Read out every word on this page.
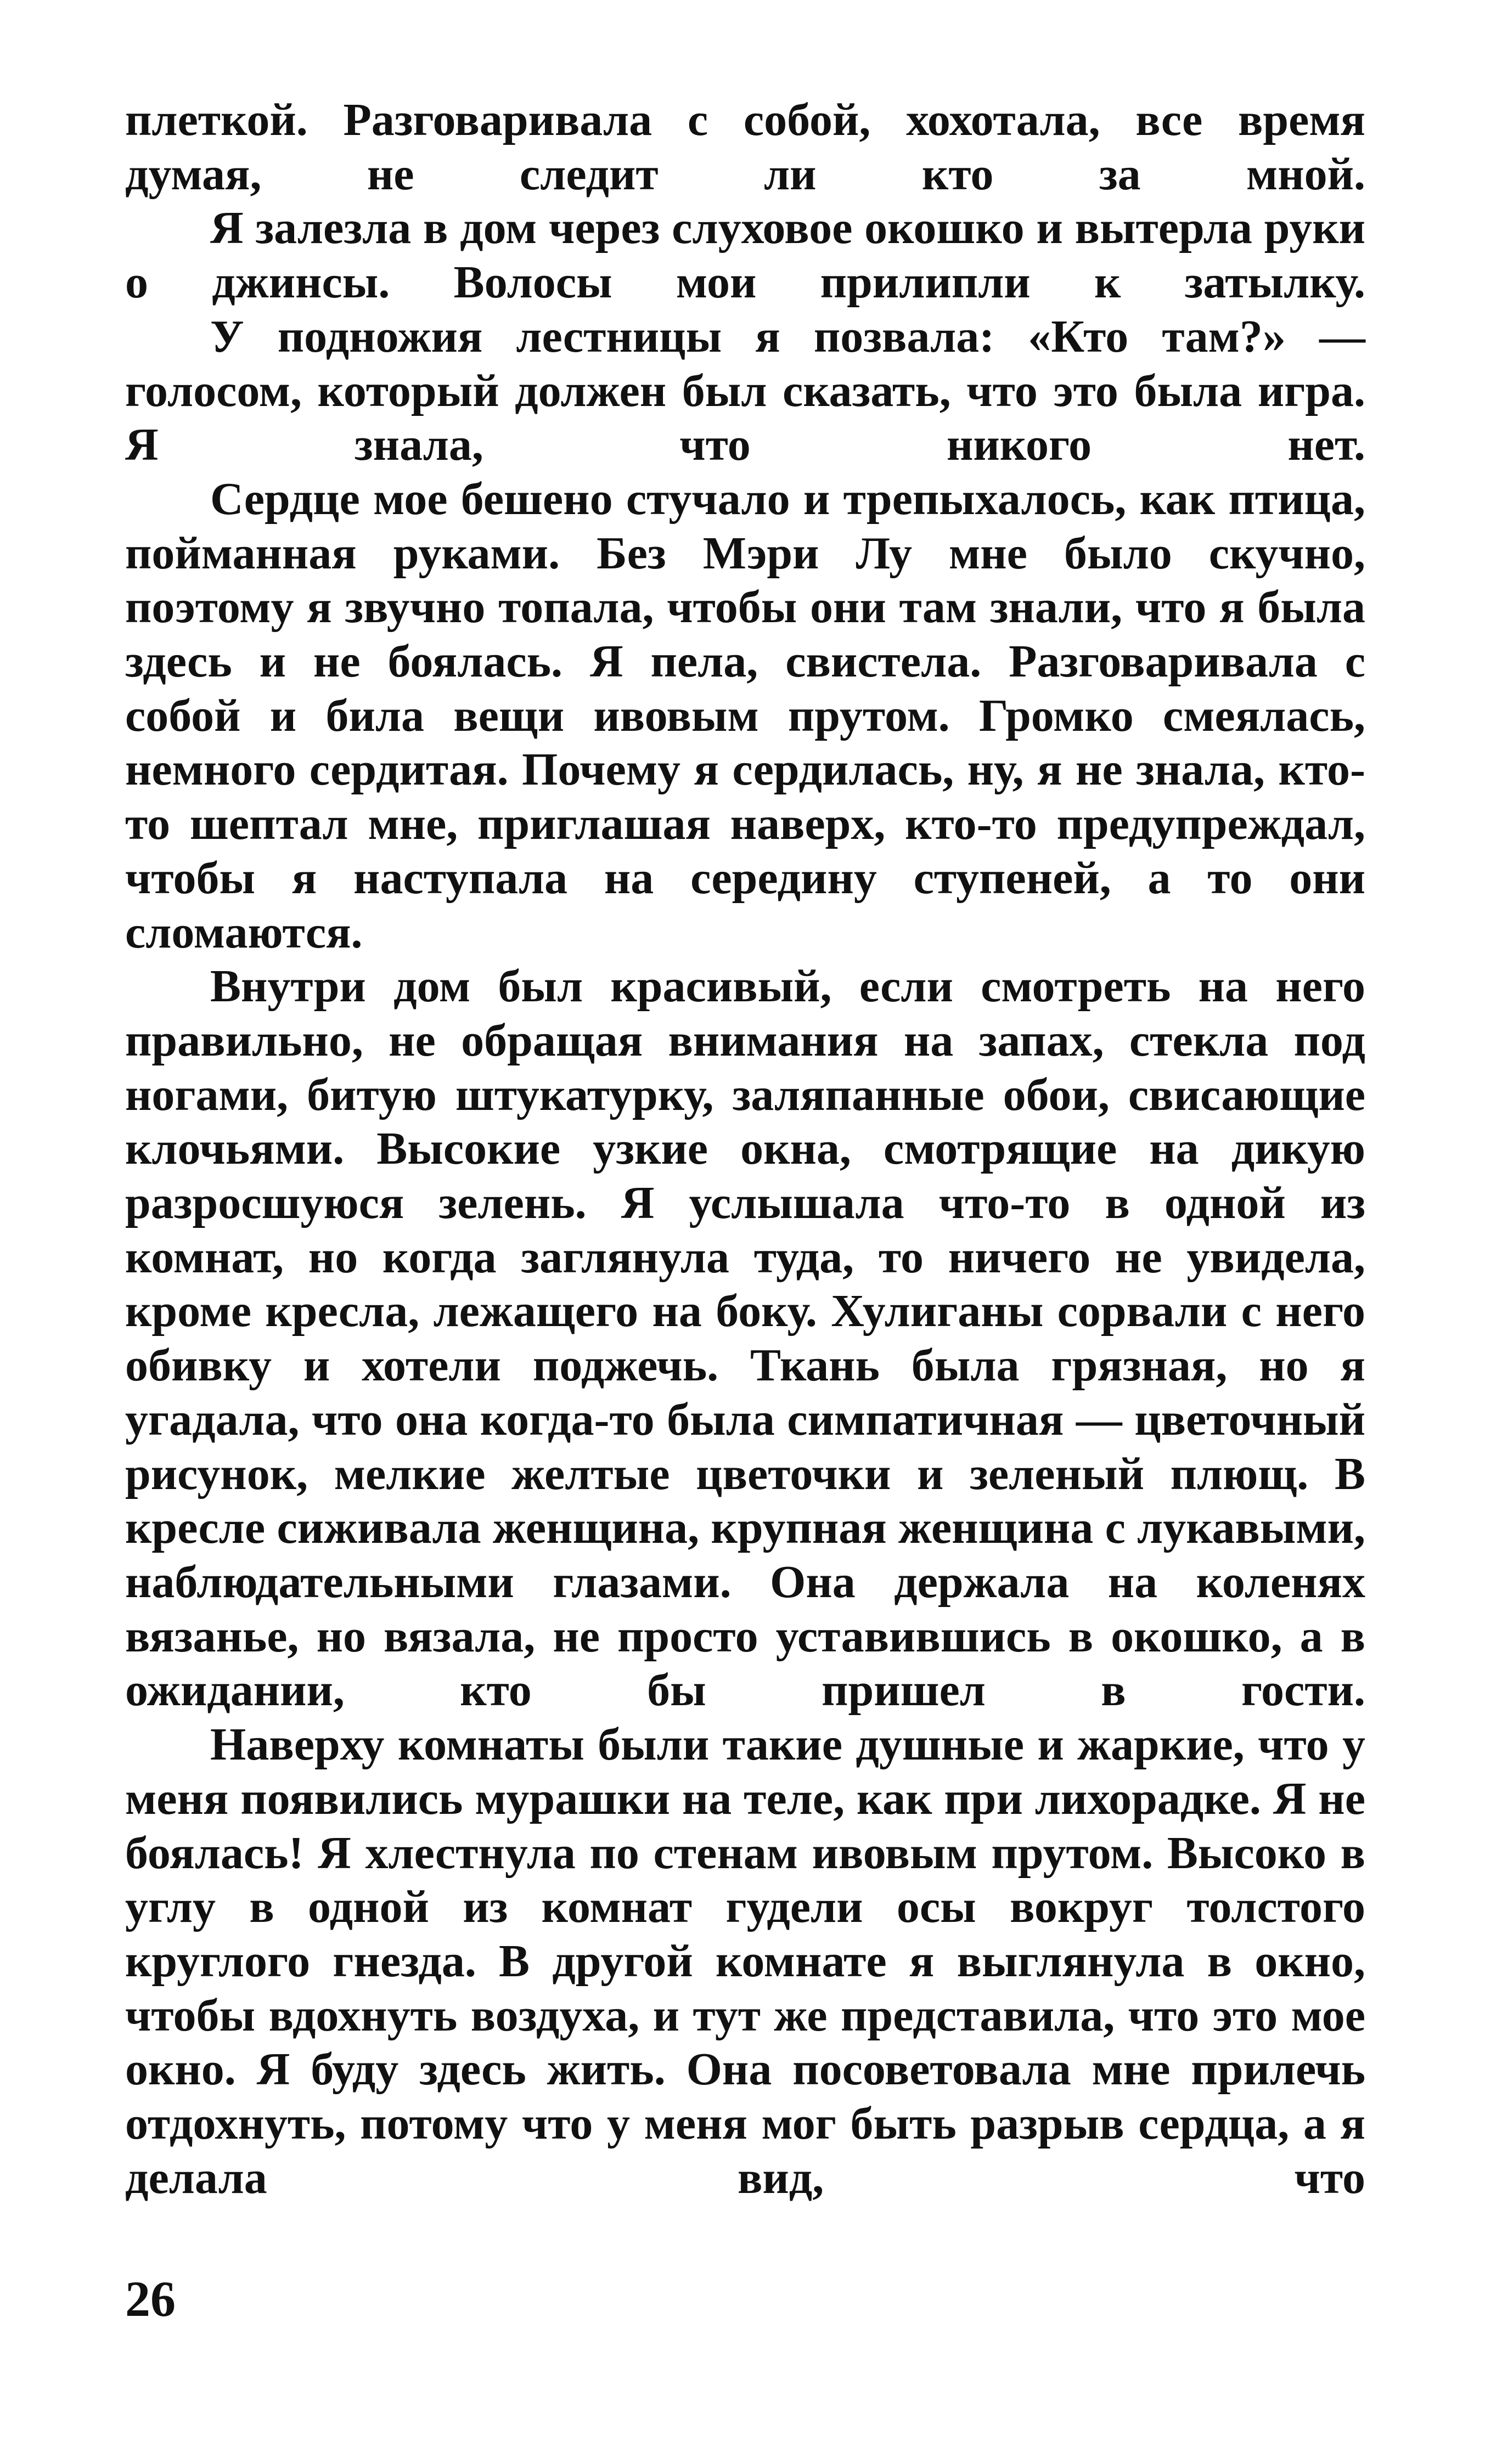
плеткой. Разговаривала с собой, хохотала, все время думая, не следит ли кто за мной.

Я залезла в дом через слуховое окошко и вытерла руки о джинсы. Волосы мои прилипли к затылку.

У подножия лестницы я позвала: «Кто там?» — голосом, который должен был сказать, что это была игра. Я знала, что никого нет.

Сердце мое бешено стучало и трепыхалось, как птица, пойманная руками. Без Мэри Лу мне было скучно, поэтому я звучно топала, чтобы они там знали, что я была здесь и не боялась. Я пела, свистела. Разговаривала с собой и била вещи ивовым прутом. Громко смеялась, немного сердитая. Почему я сердилась, ну, я не знала, кто-то шептал мне, приглашая наверх, кто-то предупреждал, чтобы я наступала на середину ступеней, а то они сломаются.

Внутри дом был красивый, если смотреть на него правильно, не обращая внимания на запах, стекла под ногами, битую штукатурку, заляпанные обои, свисающие клочьями. Высокие узкие окна, смотрящие на дикую разросшуюся зелень. Я услышала что-то в одной из комнат, но когда заглянула туда, то ничего не увидела, кроме кресла, лежащего на боку. Хулиганы сорвали с него обивку и хотели поджечь. Ткань была грязная, но я угадала, что она когда-то была симпатичная — цветочный рисунок, мелкие желтые цветочки и зеленый плющ. В кресле сиживала женщина, крупная женщина с лукавыми, наблюдательными глазами. Она держала на коленях вязанье, но вязала, не просто уставившись в окошко, а в ожидании, кто бы пришел в гости.

Наверху комнаты были такие душные и жаркие, что у меня появились мурашки на теле, как при лихорадке. Я не боялась! Я хлестнула по стенам ивовым прутом. Высоко в углу в одной из комнат гудели осы вокруг толстого круглого гнезда. В другой комнате я выглянула в окно, чтобы вдохнуть воздуха, и тут же представила, что это мое окно. Я буду здесь жить. Она посоветовала мне прилечь отдохнуть, потому что у меня мог быть разрыв сердца, а я делала вид, что

26
